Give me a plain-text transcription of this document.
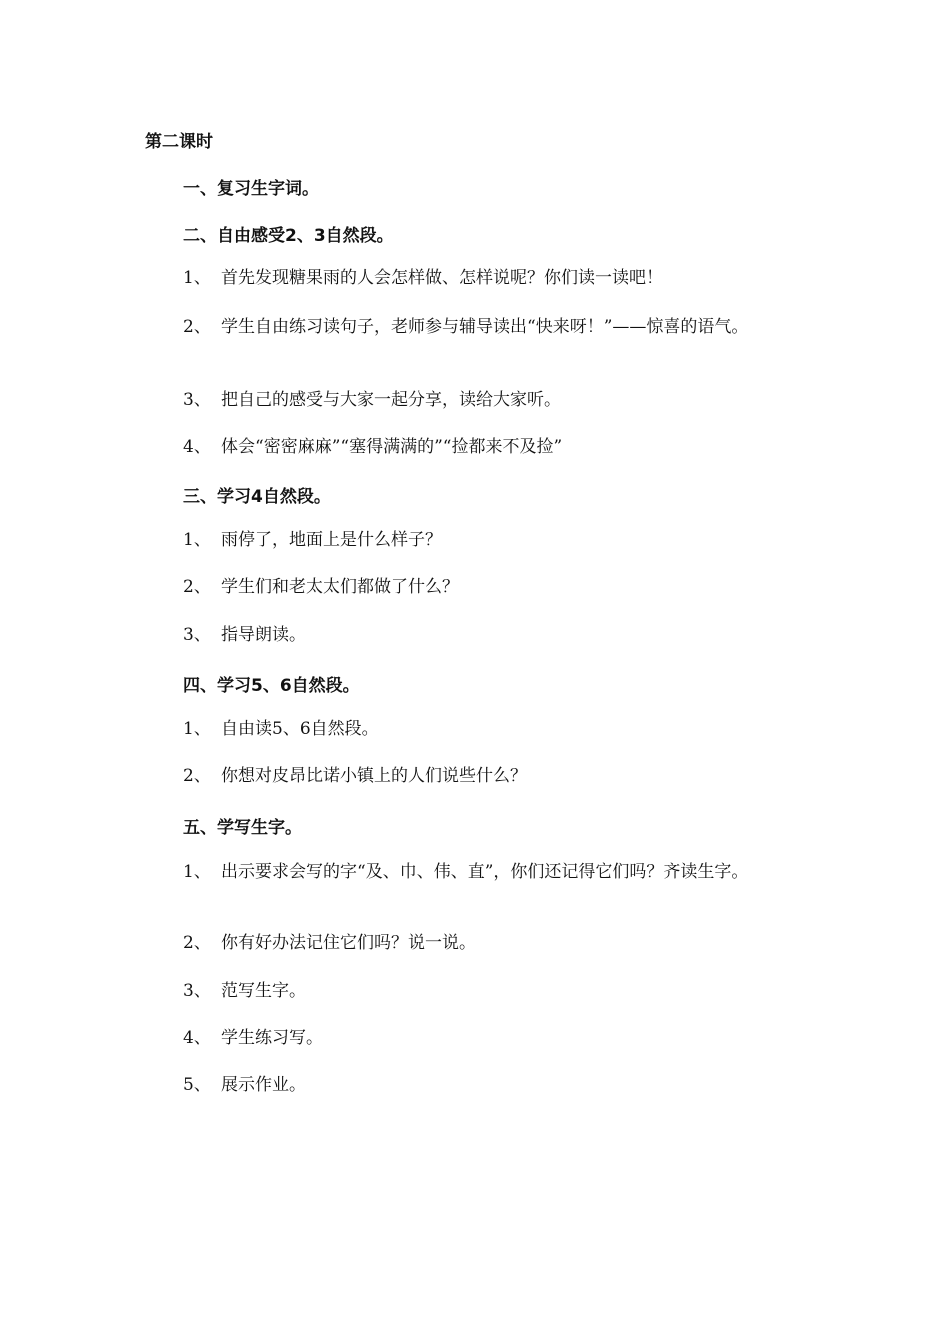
第二课时
一、复习生字词。
二、自由感受2、3自然段。
1、 首先发现糖果雨的人会怎样做、怎样说呢？你们读一读吧！
2、 学生自由练习读句子，老师参与辅导读出“快来呀！”——惊喜的语气。
3、 把自己的感受与大家一起分享，读给大家听。
4、 体会“密密麻麻”“塞得满满的”“捡都来不及捡”
三、学习4自然段。
1、 雨停了，地面上是什么样子？
2、 学生们和老太太们都做了什么？
3、 指导朗读。
四、学习5、6自然段。
1、 自由读5、6自然段。
2、 你想对皮昂比诺小镇上的人们说些什么？
五、学写生字。
1、 出示要求会写的字“及、巾、伟、直”，你们还记得它们吗？齐读生字。
2、 你有好办法记住它们吗？说一说。
3、 范写生字。
4、 学生练习写。
5、 展示作业。
